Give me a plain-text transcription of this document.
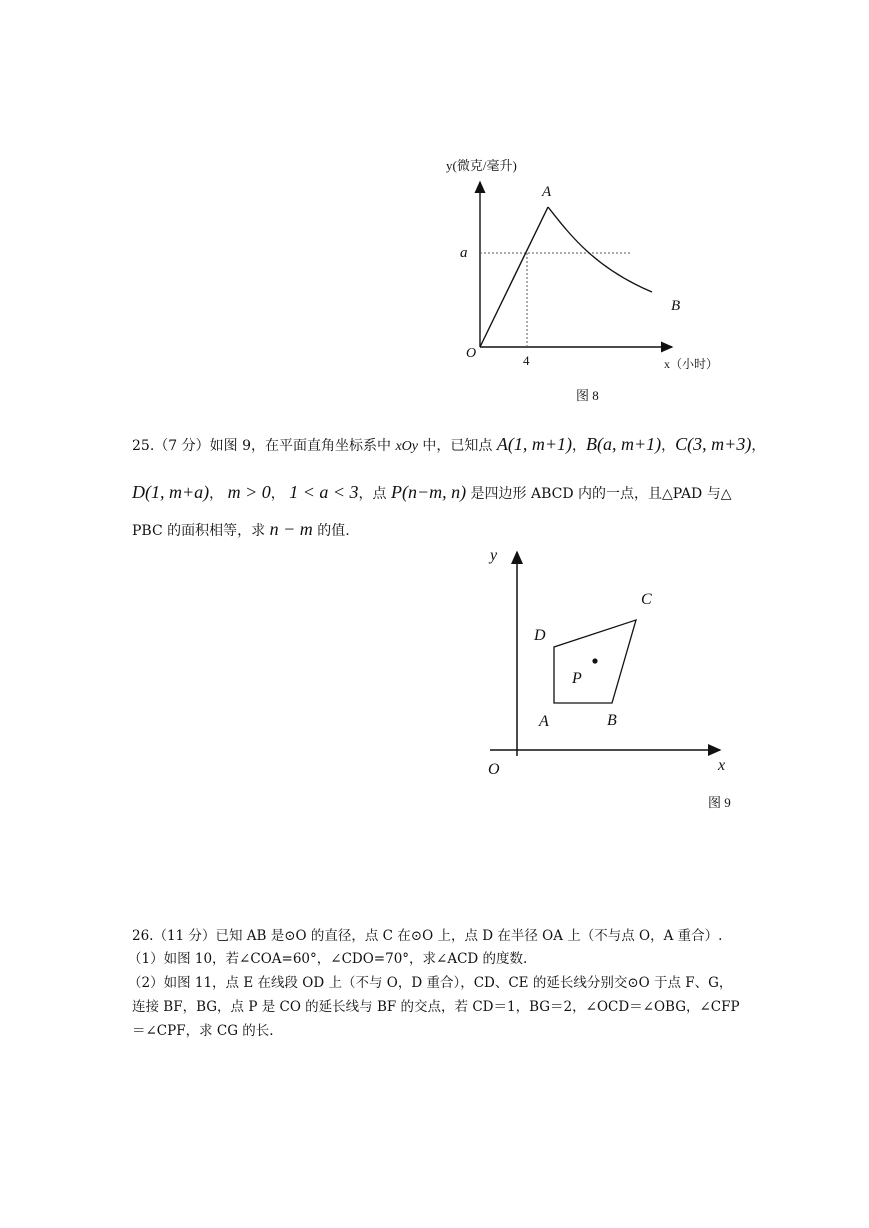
y(微克/毫升)
x（小时）
O
A
B
a
4
图 8
25.（7 分）如图 9，在平面直角坐标系中 xOy 中，已知点 A(1, m+1)，B(a, m+1)，C(3, m+3)，
D(1, m+a)， m > 0， 1 < a < 3，点 P(n−m, n) 是四边形 ABCD 内的一点，且△PAD 与△
PBC 的面积相等，求 n − m 的值.
y
x
O
A	B
C
D
P
图 9
26.（11 分）已知 AB 是⊙O 的直径，点 C 在⊙O 上，点 D 在半径 OA 上（不与点 O，A 重合）.
（1）如图 10，若∠COA=60°，∠CDO=70°，求∠ACD 的度数.
（2）如图 11，点 E 在线段 OD 上（不与 O，D 重合），CD、CE 的延长线分别交⊙O 于点 F、G，
连接 BF，BG，点 P 是 CO 的延长线与 BF 的交点，若 CD＝1，BG＝2，∠OCD＝∠OBG，∠CFP
＝∠CPF，求 CG 的长.
